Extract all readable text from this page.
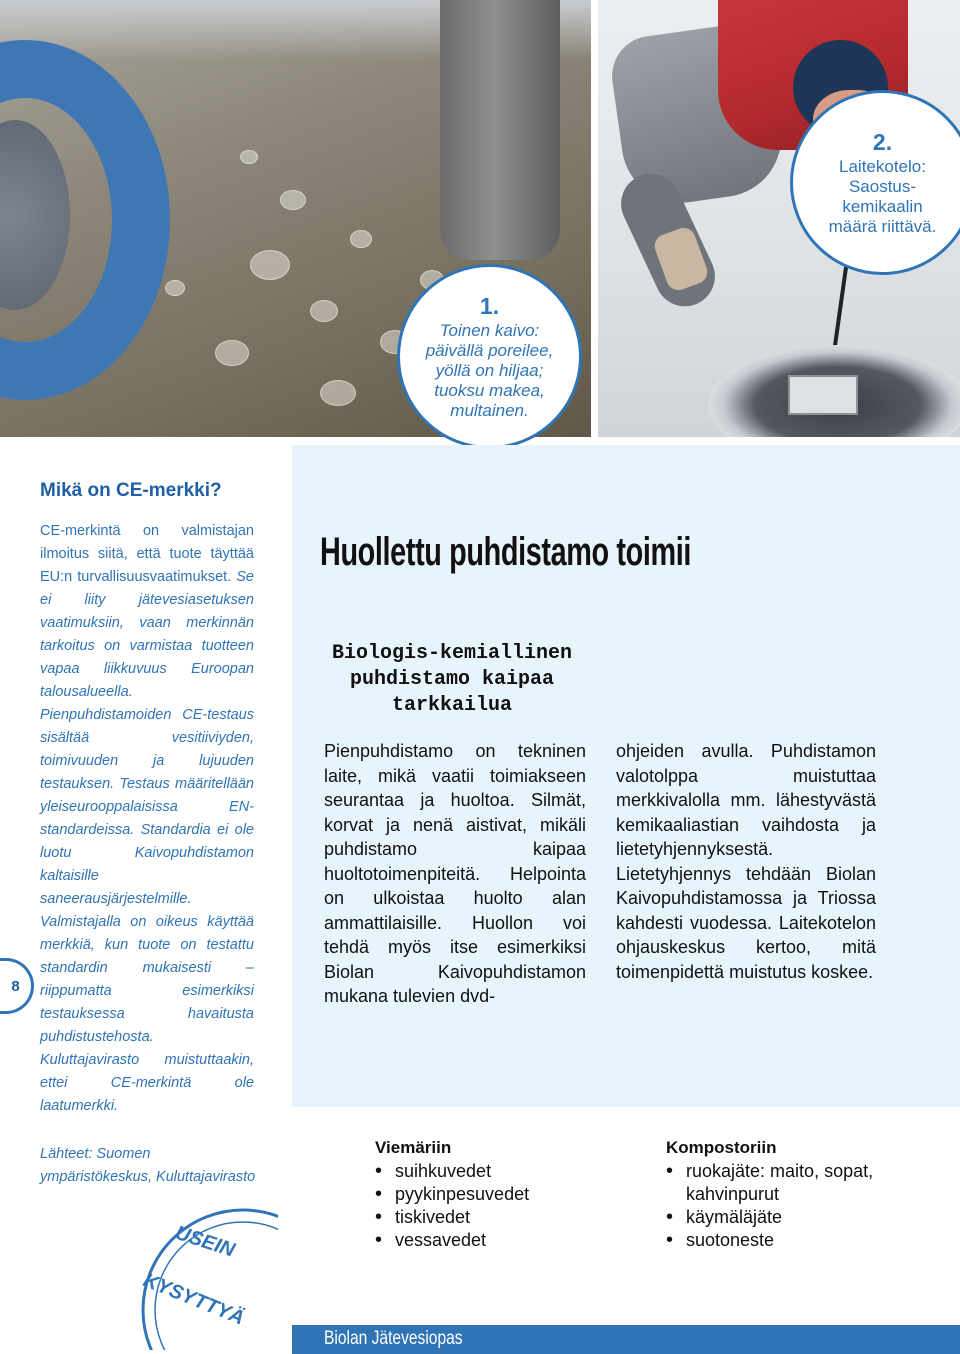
1.
Toinen kaivo:
päivällä poreilee,
yöllä on hiljaa;
tuoksu makea,
multainen.
2.
Laitekotelo:
Saostus-
kemikaalin
määrä riittävä.
Mikä on CE-merkki?
CE-merkintä on valmistajan ilmoitus siitä, että tuote täyttää EU:n turvallisuusvaatimukset. Se ei liity jätevesiasetuksen vaatimuksiin, vaan merkinnän tarkoitus on varmistaa tuotteen vapaa liikkuvuus Euroopan talousalueella. Pienpuhdistamoiden CE-testaus sisältää vesitiiviyden, toimivuuden ja lujuuden testauksen. Testaus määritellään yleiseurooppalaisissa EN-standardeissa. Standardia ei ole luotu Kaivopuhdistamon kaltaisille saneerausjärjestelmille. Valmistajalla on oikeus käyttää merkkiä, kun tuote on testattu standardin mukaisesti – riippumatta esimerkiksi testauksessa havaitusta puhdistustehosta. Kuluttajavirasto muistuttaakin, ettei CE-merkintä ole laatumerkki.
Lähteet: Suomen ympäristökeskus, Kuluttajavirasto
8
USEIN
KYSYTTYÄ
Huollettu puhdistamo toimii
Biologis-kemiallinen puhdistamo kaipaa tarkkailua

Pienpuhdistamo on tekninen laite, mikä vaatii toimiakseen seurantaa ja huoltoa. Silmät, korvat ja nenä aistivat, mikäli puhdistamo kaipaa huoltotoimenpiteitä. Helpointa on ulkoistaa huolto alan ammattilaisille. Huollon voi tehdä myös itse esimerkiksi Biolan Kaivopuhdistamon mukana tulevien dvd-

ohjeiden avulla. Puhdistamon valotolppa muistuttaa merkkivalolla mm. lähestyvästä kemikaaliastian vaihdosta ja lietetyhjennyksestä. Lietetyhjennys tehdään Biolan Kaivopuhdistamossa ja Triossa kahdesti vuodessa. Laitekotelon ohjauskeskus kertoo, mitä toimenpidettä muistutus koskee.

Viemäriin
• suihkuvedet
• pyykinpesuvedet
• tiskivedet
• vessavedet
Kompostoriin
• ruokajäte: maito, sopat, kahvinpurut
• käymäläjäte
• suotoneste
Biolan Jätevesiopas
